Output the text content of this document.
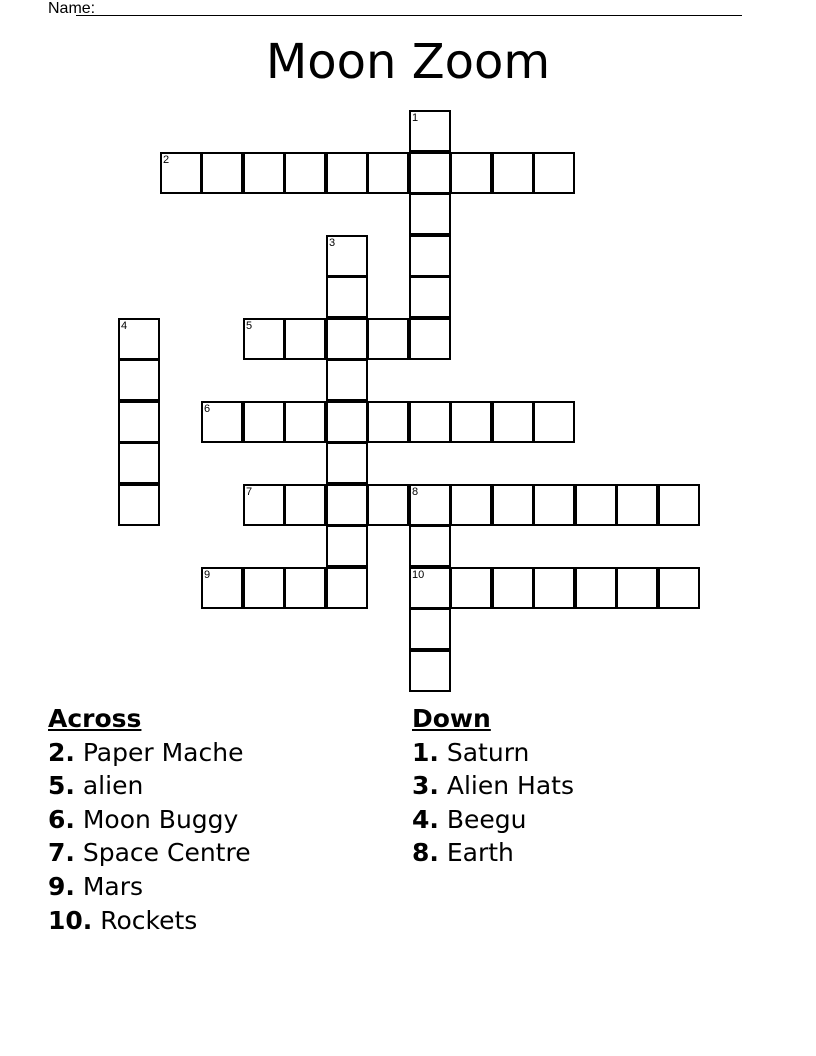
Name:
Moon Zoom
1
2
3
4	5
6
7	8
10
9
Across
2. Paper Mache
5. alien
6. Moon Buggy
7. Space Centre
9. Mars
10. Rockets
Down
1. Saturn
3. Alien Hats
4. Beegu
8. Earth
